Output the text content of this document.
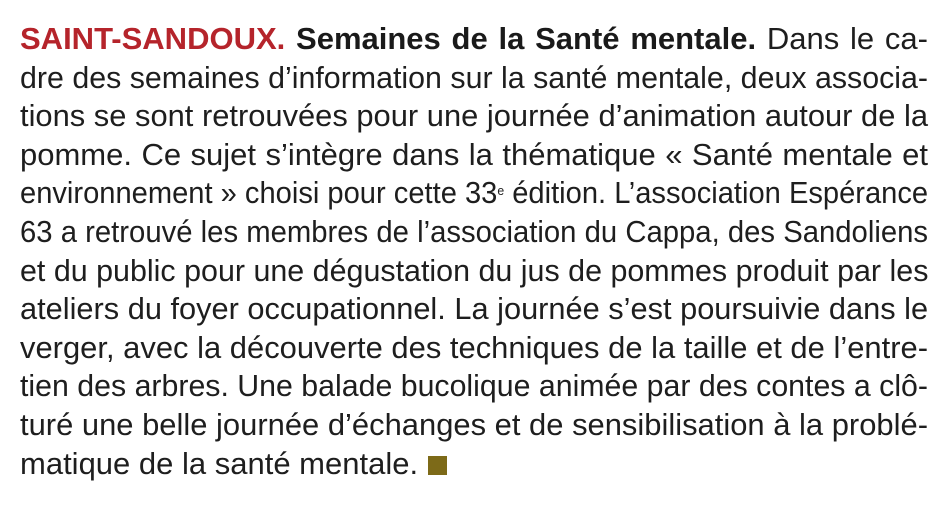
SAINT-SANDOUX. Semaines de la Santé mentale. Dans le ca-
dre des semaines d’information sur la santé mentale, deux associa-
tions se sont retrouvées pour une journée d’animation autour de la
pomme. Ce sujet s’intègre dans la thématique « Santé mentale et
environnement » choisi pour cette 33e édition. L’association Espérance
63 a retrouvé les membres de l’association du Cappa, des Sandoliens
et du public pour une dégustation du jus de pommes produit par les
ateliers du foyer occupationnel. La journée s’est poursuivie dans le
verger, avec la découverte des techniques de la taille et de l’entre-
tien des arbres. Une balade bucolique animée par des contes a clô-
turé une belle journée d’échanges et de sensibilisation à la problé-
matique de la santé mentale.
